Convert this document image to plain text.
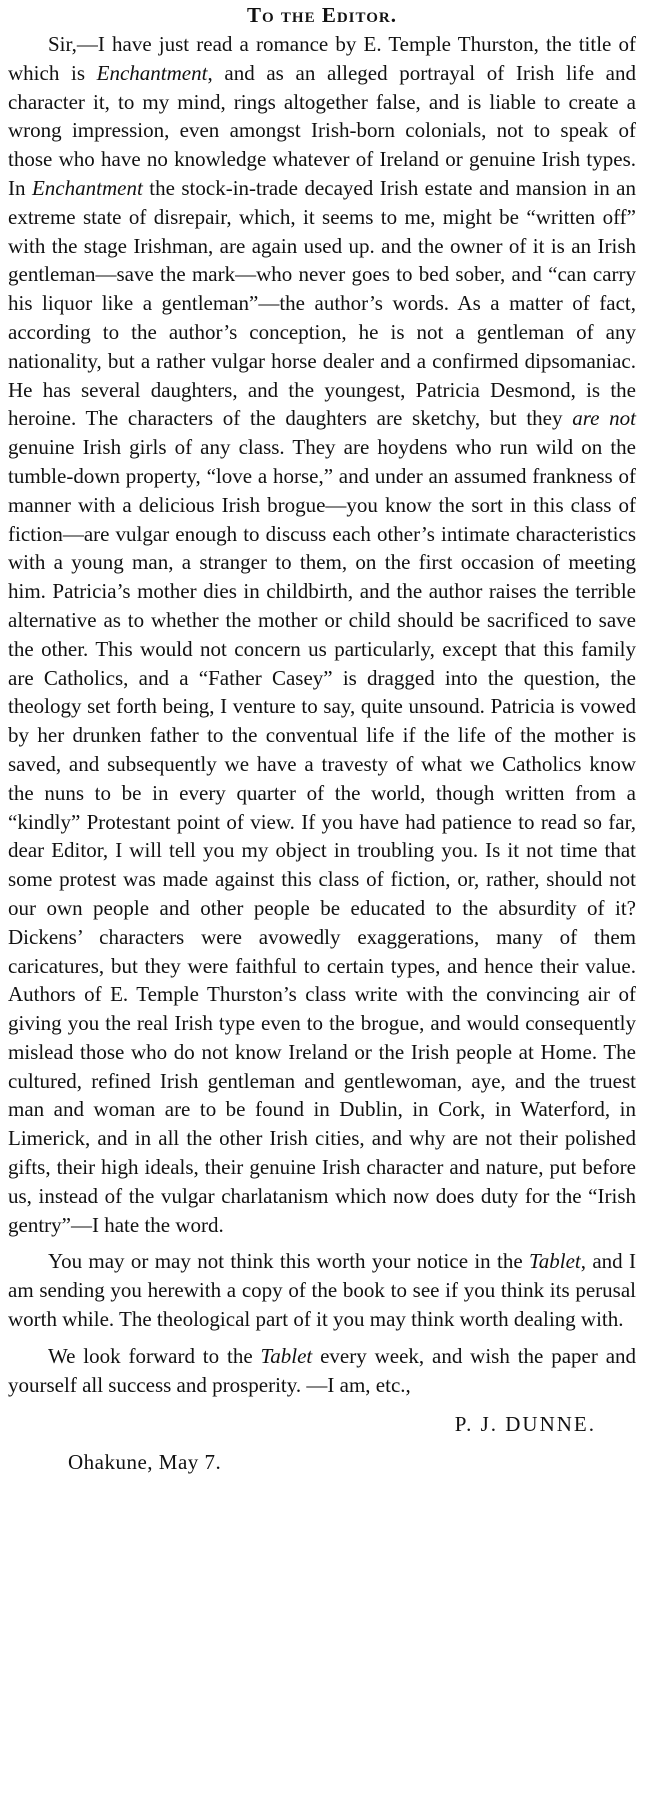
To the Editor.

Sir,—I have just read a romance by E. Temple Thurston, the title of which is Enchantment, and as an alleged portrayal of Irish life and character it, to my mind, rings altogether false, and is liable to create a wrong impression, even amongst Irish-born colonials, not to speak of those who have no knowledge whatever of Ireland or genuine Irish types. In Enchantment the stock-in-trade decayed Irish estate and mansion in an extreme state of disrepair, which, it seems to me, might be “written off” with the stage Irishman, are again used up. and the owner of it is an Irish gentleman—save the mark—who never goes to bed sober, and “can carry his liquor like a gentleman”—the author’s words. As a matter of fact, according to the author’s conception, he is not a gentleman of any nationality, but a rather vulgar horse dealer and a confirmed dipsomaniac. He has several daughters, and the youngest, Patricia Desmond, is the heroine. The characters of the daughters are sketchy, but they are not genuine Irish girls of any class. They are hoydens who run wild on the tumble-down property, “love a horse,” and under an assumed frankness of manner with a delicious Irish brogue—you know the sort in this class of fiction—are vulgar enough to discuss each other’s intimate characteristics with a young man, a stranger to them, on the first occasion of meeting him. Patricia’s mother dies in childbirth, and the author raises the terrible alternative as to whether the mother or child should be sacrificed to save the other. This would not concern us particularly, except that this family are Catholics, and a “Father Casey” is dragged into the question, the theology set forth being, I venture to say, quite unsound. Patricia is vowed by her drunken father to the conventual life if the life of the mother is saved, and subsequently we have a travesty of what we Catholics know the nuns to be in every quarter of the world, though written from a “kindly” Protestant point of view. If you have had patience to read so far, dear Editor, I will tell you my object in troubling you. Is it not time that some protest was made against this class of fiction, or, rather, should not our own people and other people be educated to the absurdity of it? Dickens’ characters were avowedly exaggerations, many of them caricatures, but they were faithful to certain types, and hence their value. Authors of E. Temple Thurston’s class write with the convincing air of giving you the real Irish type even to the brogue, and would consequently mislead those who do not know Ireland or the Irish people at Home. The cultured, refined Irish gentleman and gentlewoman, aye, and the truest man and woman are to be found in Dublin, in Cork, in Waterford, in Limerick, and in all the other Irish cities, and why are not their polished gifts, their high ideals, their genuine Irish character and nature, put before us, instead of the vulgar charlatanism which now does duty for the “Irish gentry”—I hate the word.

You may or may not think this worth your notice in the Tablet, and I am sending you herewith a copy of the book to see if you think its perusal worth while. The theological part of it you may think worth dealing with.

We look forward to the Tablet every week, and wish the paper and yourself all success and prosperity. —I am, etc.,

P. J. DUNNE.
Ohakune, May 7.
